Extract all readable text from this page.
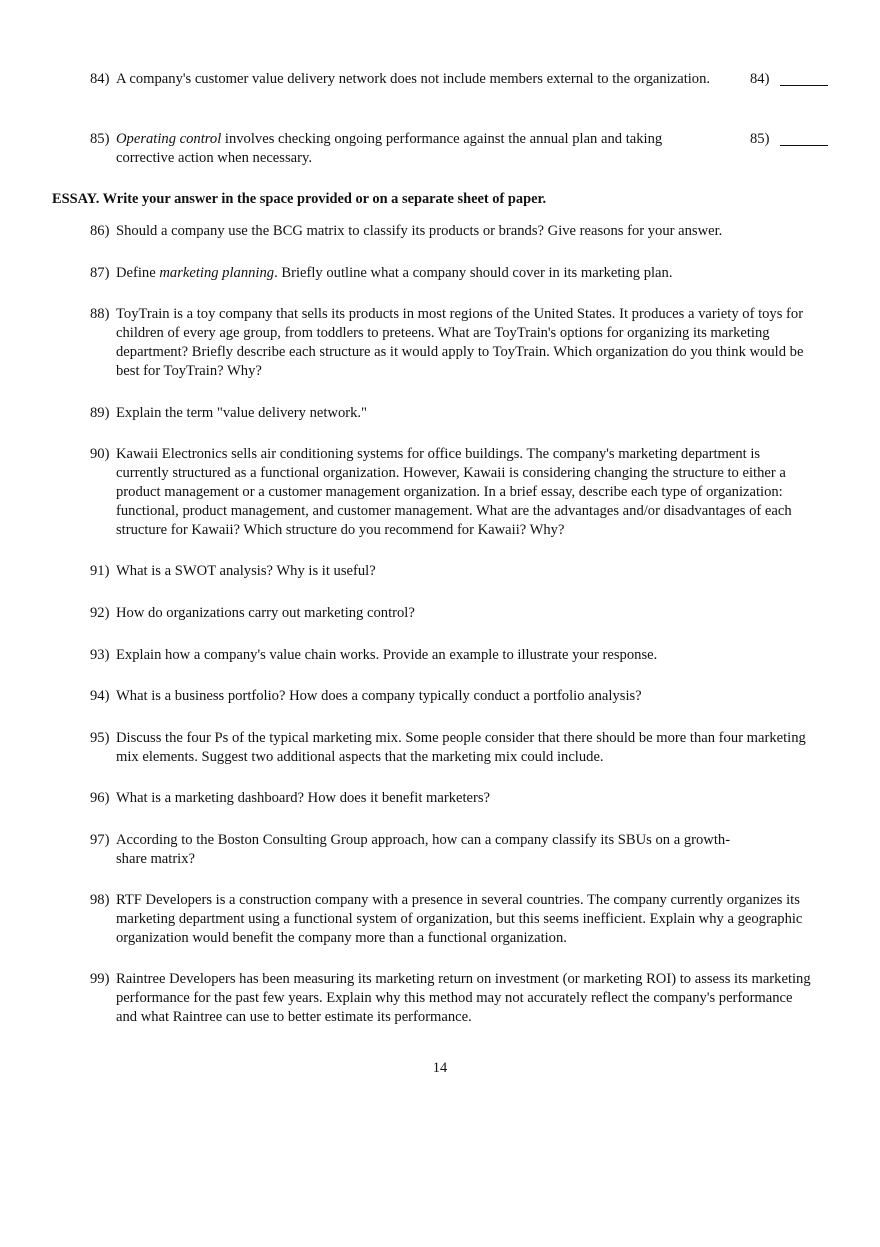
84) A company's customer value delivery network does not include members external to the organization.	84)
85) Operating control involves checking ongoing performance against the annual plan and taking corrective action when necessary.
85)
ESSAY. Write your answer in the space provided or on a separate sheet of paper.
86) Should a company use the BCG matrix to classify its products or brands? Give reasons for your answer.
87) Define marketing planning. Briefly outline what a company should cover in its marketing plan.
88) ToyTrain is a toy company that sells its products in most regions of the United States. It produces a variety of toys for children of every age group, from toddlers to preteens. What are ToyTrain's options for organizing its marketing department? Briefly describe each structure as it would apply to ToyTrain. Which organization do you think would be best for ToyTrain? Why?
89) Explain the term "value delivery network."
90) Kawaii Electronics sells air conditioning systems for office buildings. The company's marketing department is currently structured as a functional organization. However, Kawaii is considering changing the structure to either a product management or a customer management organization. In a brief essay, describe each type of organization: functional, product management, and customer management. What are the advantages and/or disadvantages of each structure for Kawaii? Which structure do you recommend for Kawaii? Why?
91) What is a SWOT analysis? Why is it useful?
92) How do organizations carry out marketing control?
93) Explain how a company's value chain works. Provide an example to illustrate your response.
94) What is a business portfolio? How does a company typically conduct a portfolio analysis?
95) Discuss the four Ps of the typical marketing mix. Some people consider that there should be more than four marketing mix elements. Suggest two additional aspects that the marketing mix could include.
96) What is a marketing dashboard? How does it benefit marketers?
97) According to the Boston Consulting Group approach, how can a company classify its SBUs on a growth-share matrix?
98) RTF Developers is a construction company with a presence in several countries. The company currently organizes its marketing department using a functional system of organization, but this seems inefficient. Explain why a geographic organization would benefit the company more than a functional organization.
99) Raintree Developers has been measuring its marketing return on investment (or marketing ROI) to assess its marketing performance for the past few years. Explain why this method may not accurately reflect the company's performance and what Raintree can use to better estimate its performance.
14
